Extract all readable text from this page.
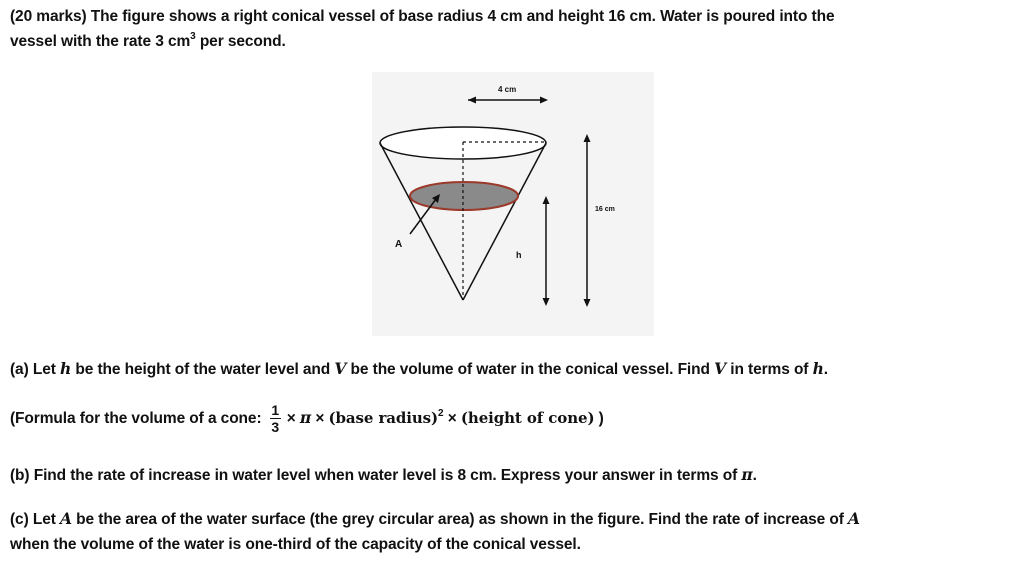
(20 marks) The figure shows a right conical vessel of base radius 4 cm and height 16 cm. Water is poured into the
vessel with the rate 3 $cm^3$ per second.
4 cm
A
h
16 cm
(a) Let h be the height of the water level and V be the volume of water in the conical vessel. Find V in terms of h.
(Formula for the volume of a cone: $\frac{1}{3} \times \pi$ × (base radius)$^2$ × (height of cone) )
(b) Find the rate of increase in water level when water level is 8 cm. Express your answer in terms of π.
(c) Let A be the area of the water surface (the grey circular area) as shown in the figure. Find the rate of increase of A
when the volume of the water is one-third of the capacity of the conical vessel.
